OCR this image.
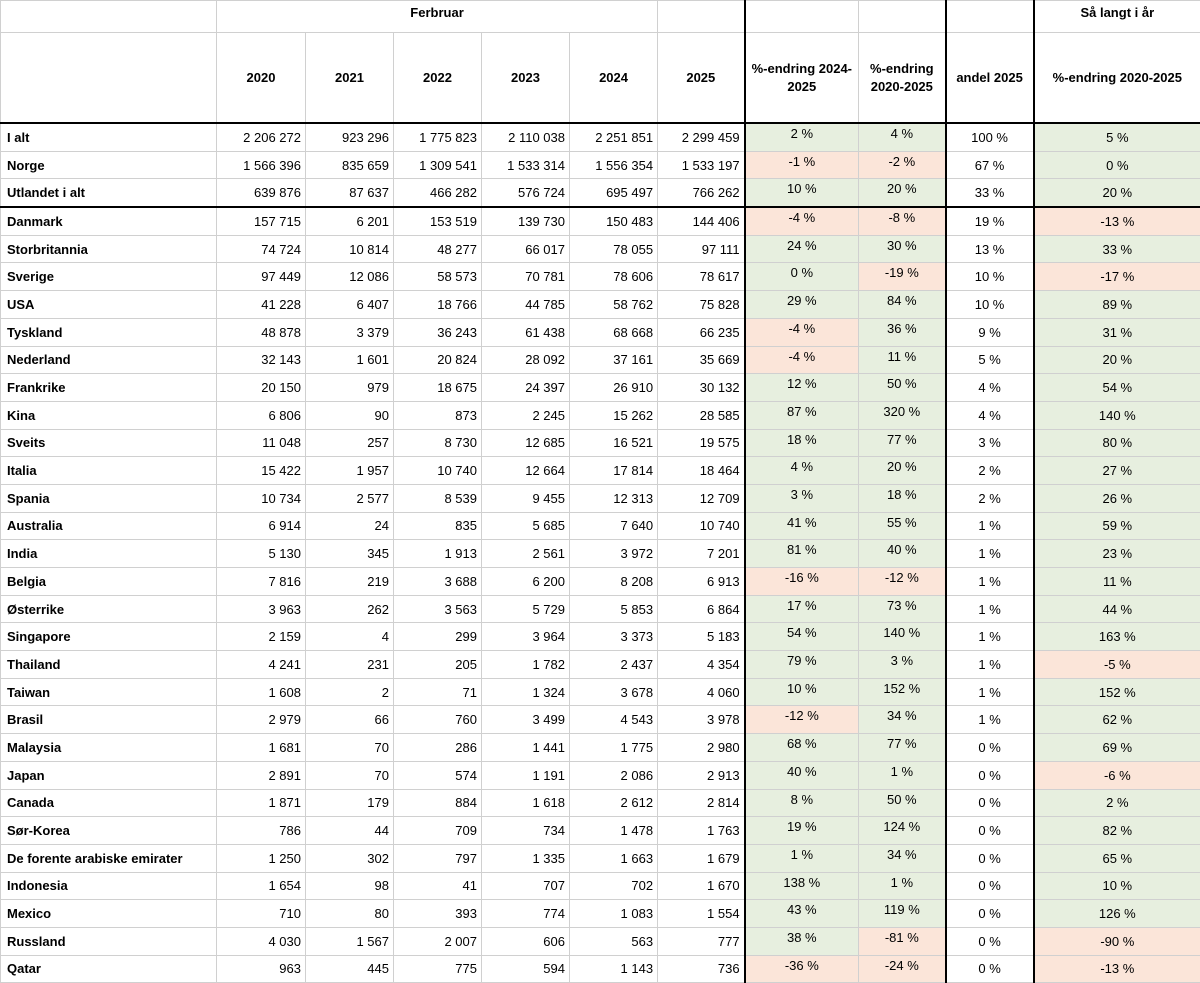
	Ferbruar									Så langt i år
	2020	2021	2022	2023	2024	2025	%-endring 2024-2025	%-endring 2020-2025	andel 2025	%-endring 2020-2025
I alt	2 206 272	923 296	1 775 823	2 110 038	2 251 851	2 299 459	2 %	4 %	100 %	5 %
Norge	1 566 396	835 659	1 309 541	1 533 314	1 556 354	1 533 197	-1 %	-2 %	67 %	0 %
Utlandet i alt	639 876	87 637	466 282	576 724	695 497	766 262	10 %	20 %	33 %	20 %
Danmark	157 715	6 201	153 519	139 730	150 483	144 406	-4 %	-8 %	19 %	-13 %
Storbritannia	74 724	10 814	48 277	66 017	78 055	97 111	24 %	30 %	13 %	33 %
Sverige	97 449	12 086	58 573	70 781	78 606	78 617	0 %	-19 %	10 %	-17 %
USA	41 228	6 407	18 766	44 785	58 762	75 828	29 %	84 %	10 %	89 %
Tyskland	48 878	3 379	36 243	61 438	68 668	66 235	-4 %	36 %	9 %	31 %
Nederland	32 143	1 601	20 824	28 092	37 161	35 669	-4 %	11 %	5 %	20 %
Frankrike	20 150	979	18 675	24 397	26 910	30 132	12 %	50 %	4 %	54 %
Kina	6 806	90	873	2 245	15 262	28 585	87 %	320 %	4 %	140 %
Sveits	11 048	257	8 730	12 685	16 521	19 575	18 %	77 %	3 %	80 %
Italia	15 422	1 957	10 740	12 664	17 814	18 464	4 %	20 %	2 %	27 %
Spania	10 734	2 577	8 539	9 455	12 313	12 709	3 %	18 %	2 %	26 %
Australia	6 914	24	835	5 685	7 640	10 740	41 %	55 %	1 %	59 %
India	5 130	345	1 913	2 561	3 972	7 201	81 %	40 %	1 %	23 %
Belgia	7 816	219	3 688	6 200	8 208	6 913	-16 %	-12 %	1 %	11 %
Østerrike	3 963	262	3 563	5 729	5 853	6 864	17 %	73 %	1 %	44 %
Singapore	2 159	4	299	3 964	3 373	5 183	54 %	140 %	1 %	163 %
Thailand	4 241	231	205	1 782	2 437	4 354	79 %	3 %	1 %	-5 %
Taiwan	1 608	2	71	1 324	3 678	4 060	10 %	152 %	1 %	152 %
Brasil	2 979	66	760	3 499	4 543	3 978	-12 %	34 %	1 %	62 %
Malaysia	1 681	70	286	1 441	1 775	2 980	68 %	77 %	0 %	69 %
Japan	2 891	70	574	1 191	2 086	2 913	40 %	1 %	0 %	-6 %
Canada	1 871	179	884	1 618	2 612	2 814	8 %	50 %	0 %	2 %
Sør-Korea	786	44	709	734	1 478	1 763	19 %	124 %	0 %	82 %
De forente arabiske emirater	1 250	302	797	1 335	1 663	1 679	1 %	34 %	0 %	65 %
Indonesia	1 654	98	41	707	702	1 670	138 %	1 %	0 %	10 %
Mexico	710	80	393	774	1 083	1 554	43 %	119 %	0 %	126 %
Russland	4 030	1 567	2 007	606	563	777	38 %	-81 %	0 %	-90 %
Qatar	963	445	775	594	1 143	736	-36 %	-24 %	0 %	-13 %
